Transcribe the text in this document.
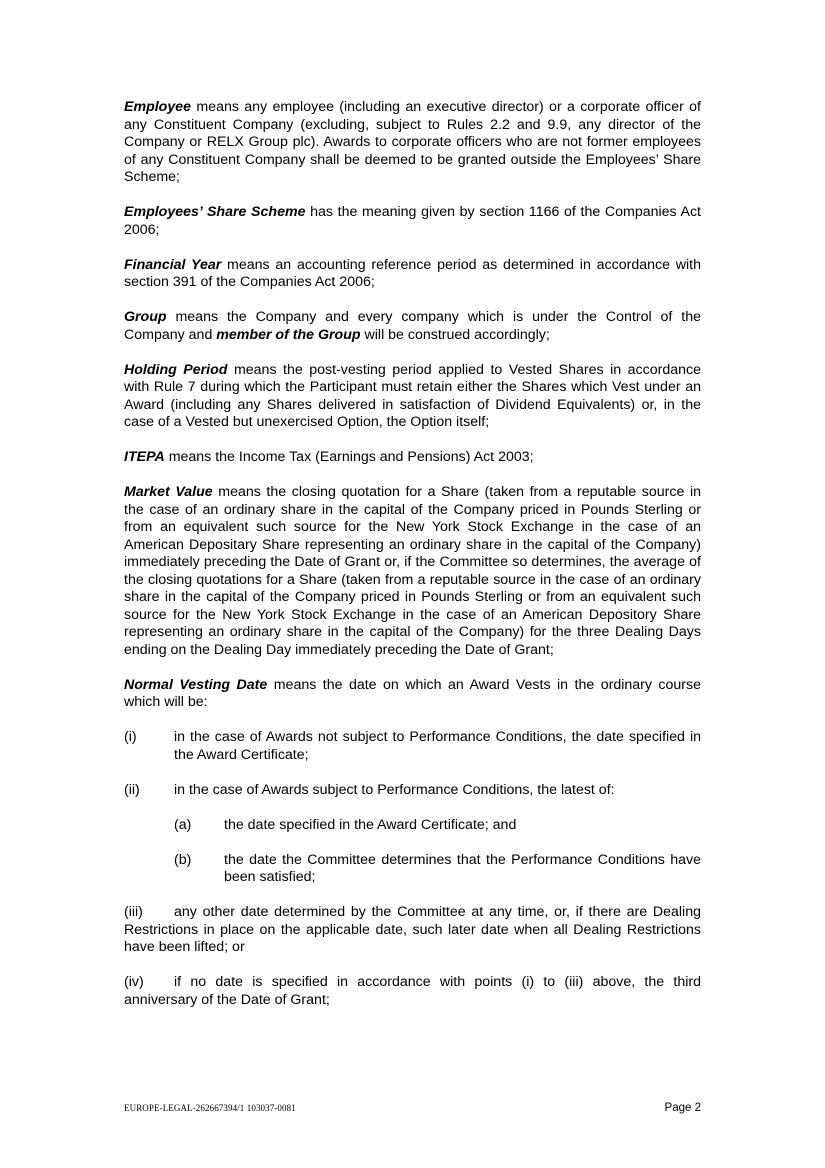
Employee means any employee (including an executive director) or a corporate officer of any Constituent Company (excluding, subject to Rules 2.2 and 9.9, any director of the Company or RELX Group plc). Awards to corporate officers who are not former employees of any Constituent Company shall be deemed to be granted outside the Employees’ Share Scheme;

Employees’ Share Scheme has the meaning given by section 1166 of the Companies Act 2006;

Financial Year means an accounting reference period as determined in accordance with section 391 of the Companies Act 2006;

Group means the Company and every company which is under the Control of the Company and member of the Group will be construed accordingly;

Holding Period means the post-vesting period applied to Vested Shares in accordance with Rule 7 during which the Participant must retain either the Shares which Vest under an Award (including any Shares delivered in satisfaction of Dividend Equivalents) or, in the case of a Vested but unexercised Option, the Option itself;

ITEPA means the Income Tax (Earnings and Pensions) Act 2003;

Market Value means the closing quotation for a Share (taken from a reputable source in the case of an ordinary share in the capital of the Company priced in Pounds Sterling or from an equivalent such source for the New York Stock Exchange in the case of an American Depositary Share representing an ordinary share in the capital of the Company) immediately preceding the Date of Grant or, if the Committee so determines, the average of the closing quotations for a Share (taken from a reputable source in the case of an ordinary share in the capital of the Company priced in Pounds Sterling or from an equivalent such source for the New York Stock Exchange in the case of an American Depository Share representing an ordinary share in the capital of the Company) for the three Dealing Days ending on the Dealing Day immediately preceding the Date of Grant;

Normal Vesting Date means the date on which an Award Vests in the ordinary course which will be:

(i)	in the case of Awards not subject to Performance Conditions, the date specified in the Award Certificate;
(ii)	in the case of Awards subject to Performance Conditions, the latest of:
(a)	the date specified in the Award Certificate; and
(b)	the date the Committee determines that the Performance Conditions have been satisfied;

(iii) any other date determined by the Committee at any time, or, if there are Dealing Restrictions in place on the applicable date, such later date when all Dealing Restrictions have been lifted; or

(iv) if no date is specified in accordance with points (i) to (iii) above, the third anniversary of the Date of Grant;

EUROPE-LEGAL-262667394/1 103037-0081	Page 2
